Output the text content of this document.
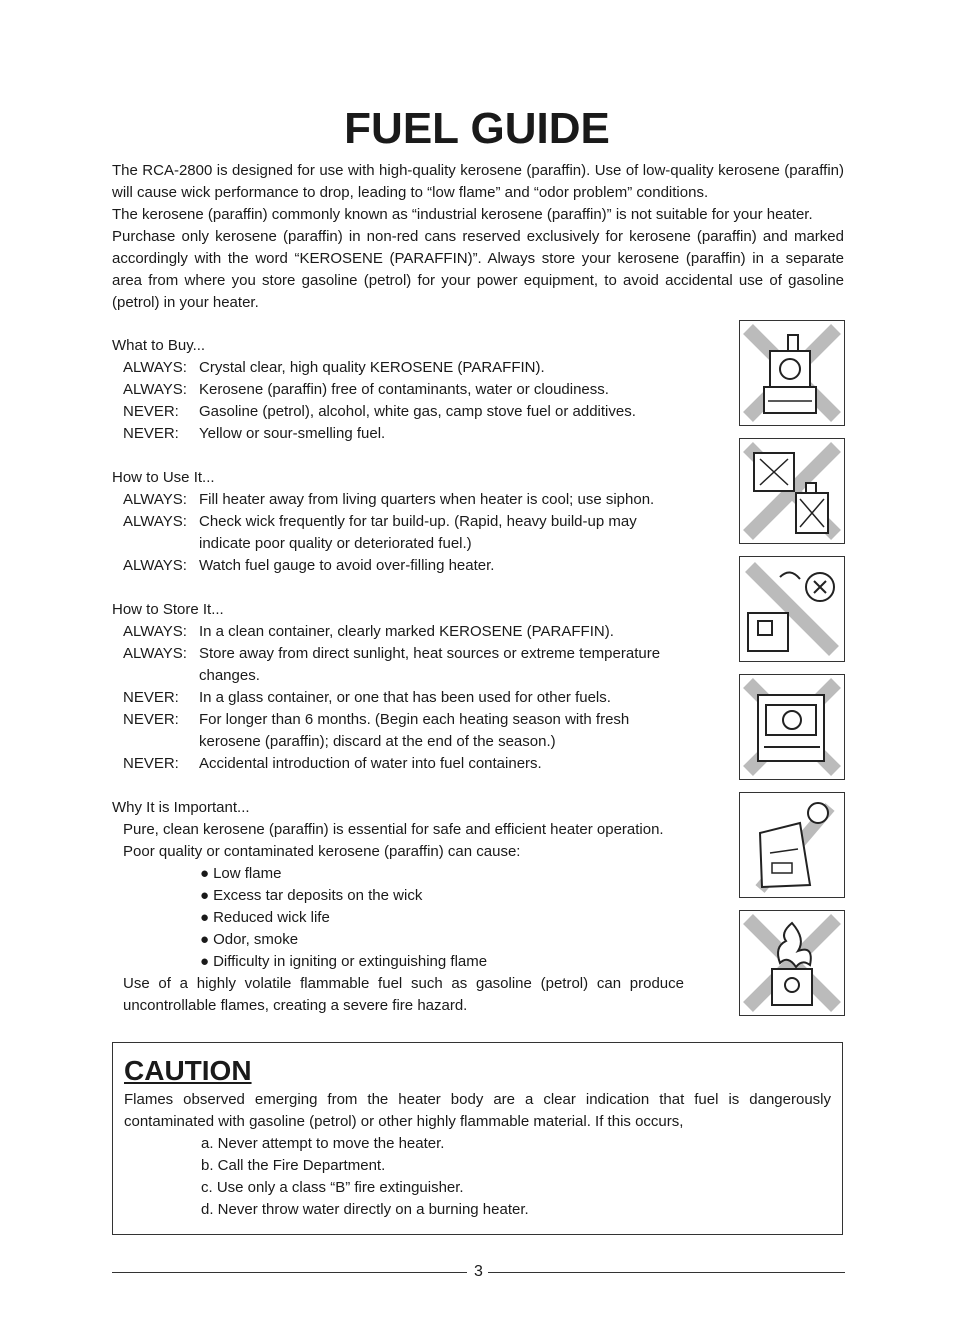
FUEL GUIDE

The RCA-2800 is designed for use with high-quality kerosene (paraffin). Use of low-quality kerosene (paraffin) will cause wick performance to drop, leading to “low flame” and “odor problem” conditions.

The kerosene (paraffin) commonly known as “industrial kerosene (paraffin)” is not suitable for your heater.

Purchase only kerosene (paraffin) in non-red cans reserved exclusively for kerosene (paraffin) and marked accordingly with the word “KEROSENE (PARAFFIN)”. Always store your kerosene (paraffin) in a separate area from where you store gasoline (petrol) for your power equipment, to avoid accidental use of gasoline (petrol) in your heater.

What to Buy...
ALWAYS: Crystal clear, high quality KEROSENE (PARAFFIN).
ALWAYS: Kerosene (paraffin) free of contaminants, water or cloudiness.
NEVER:	Gasoline (petrol), alcohol, white gas, camp stove fuel or additives.
NEVER:	Yellow or sour-smelling fuel.
How to Use It...
ALWAYS: Fill heater away from living quarters when heater is cool; use siphon.
ALWAYS: Check wick frequently for tar build-up. (Rapid, heavy build-up may indicate poor quality or deteriorated fuel.)
ALWAYS: Watch fuel gauge to avoid over-filling heater.
How to Store It...
ALWAYS: In a clean container, clearly marked KEROSENE (PARAFFIN).
ALWAYS: Store away from direct sunlight, heat sources or extreme temperature changes.
NEVER:	In a glass container, or one that has been used for other fuels.
NEVER:	For longer than 6 months. (Begin each heating season with fresh kerosene (paraffin); discard at the end of the season.)
NEVER:	Accidental introduction of water into fuel containers.
Why It is Important...
Pure, clean kerosene (paraffin) is essential for safe and efficient heater operation.
Poor quality or contaminated kerosene (paraffin) can cause:
● Low flame
● Excess tar deposits on the wick
● Reduced wick life
● Odor, smoke
● Difficulty in igniting or extinguishing flame
Use of a highly volatile flammable fuel such as gasoline (petrol) can produce uncontrollable flames, creating a severe fire hazard.
CAUTION
Flames observed emerging from the heater body are a clear indication that fuel is dangerously contaminated with gasoline (petrol) or other highly flammable material. If this occurs,
a. Never attempt to move the heater.
b. Call the Fire Department.
c. Use only a class “B” fire extinguisher.
d. Never throw water directly on a burning heater.
3
